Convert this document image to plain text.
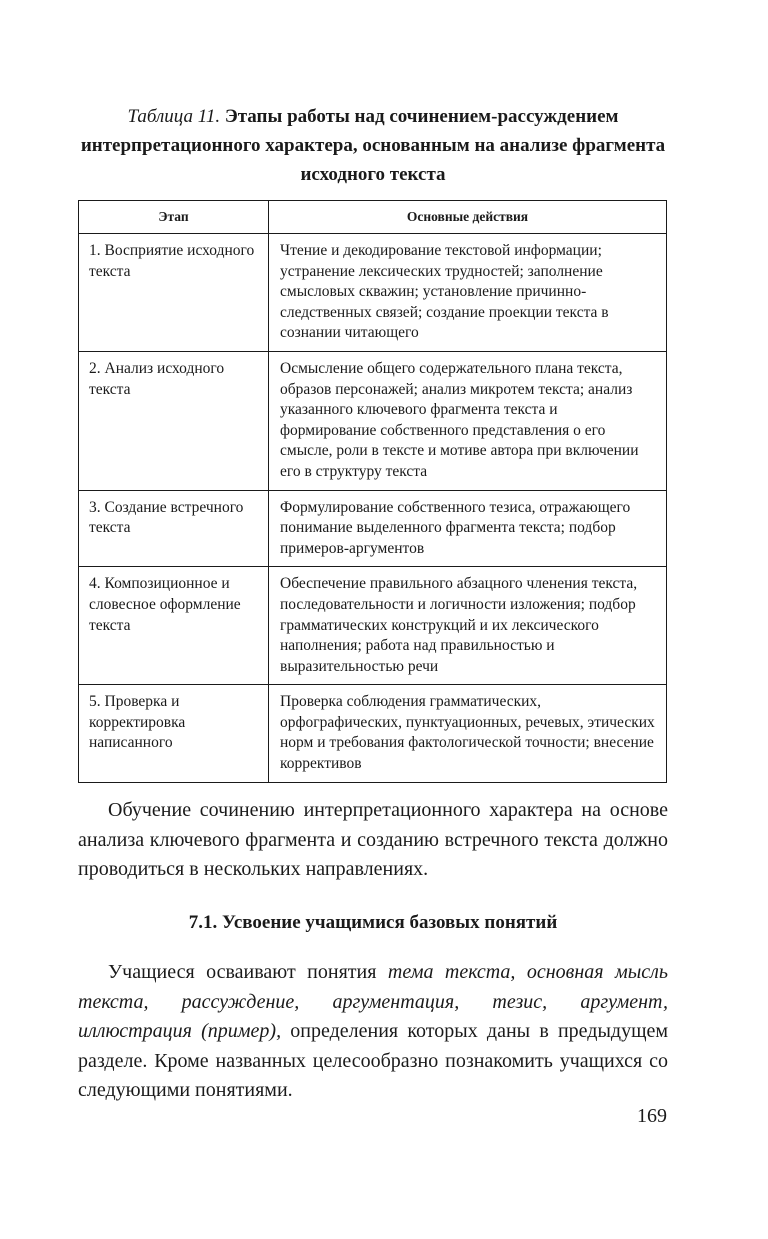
Таблица 11. Этапы работы над сочинением-рассуждением интерпретационного характера, основанным на анализе фрагмента исходного текста
Этап	Основные действия
1. Восприятие исходного текста	Чтение и декодирование текстовой информации; устранение лексических трудностей; заполнение смысловых скважин; установление причинно-следственных связей; создание проекции текста в сознании читающего
2. Анализ исходного текста	Осмысление общего содержательного плана текста, образов персонажей; анализ микротем текста; анализ указанного ключевого фрагмента текста и формирование собственного представления о его смысле, роли в тексте и мотиве автора при включении его в структуру текста
3. Создание встречного текста	Формулирование собственного тезиса, отражающего понимание выделенного фрагмента текста; подбор примеров-аргументов
4. Композиционное и словесное оформление текста	Обеспечение правильного абзацного членения текста, последовательности и логичности изложения; подбор грамматических конструкций и их лексического наполнения; работа над правильностью и выразительностью речи
5. Проверка и корректировка написанного	Проверка соблюдения грамматических, орфографических, пунктуационных, речевых, этических норм и требования фактологической точности; внесение коррективов

Обучение сочинению интерпретационного характера на основе анализа ключевого фрагмента и созданию встречного текста должно проводиться в нескольких направлениях.

7.1. Усвоение учащимися базовых понятий

Учащиеся осваивают понятия тема текста, основная мысль текста, рассуждение, аргументация, тезис, аргумент, иллюстрация (пример), определения которых даны в предыдущем разделе. Кроме названных целесообразно познакомить учащихся со следующими понятиями.

169
